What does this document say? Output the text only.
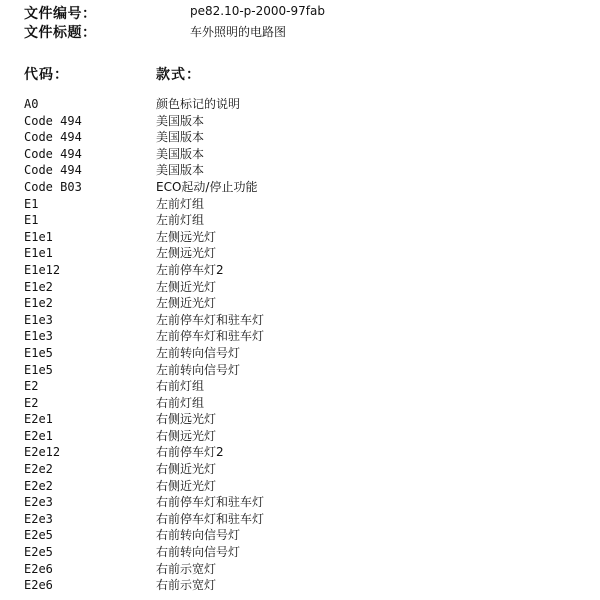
文件编号：	pe82.10-p-2000-97fab
文件标题：	车外照明的电路图
代码：	款式：
A0	颜色标记的说明
Code 494	美国版本
Code 494	美国版本
Code 494	美国版本
Code 494	美国版本
Code B03	ECO起动/停止功能
E1	左前灯组
E1	左前灯组
E1e1	左侧远光灯
E1e1	左侧远光灯
E1e12	左前停车灯2
E1e2	左侧近光灯
E1e2	左侧近光灯
E1e3	左前停车灯和驻车灯
E1e3	左前停车灯和驻车灯
E1e5	左前转向信号灯
E1e5	左前转向信号灯
E2	右前灯组
E2	右前灯组
E2e1	右侧远光灯
E2e1	右侧远光灯
E2e12	右前停车灯2
E2e2	右侧近光灯
E2e2	右侧近光灯
E2e3	右前停车灯和驻车灯
E2e3	右前停车灯和驻车灯
E2e5	右前转向信号灯
E2e5	右前转向信号灯
E2e6	右前示宽灯
E2e6	右前示宽灯
